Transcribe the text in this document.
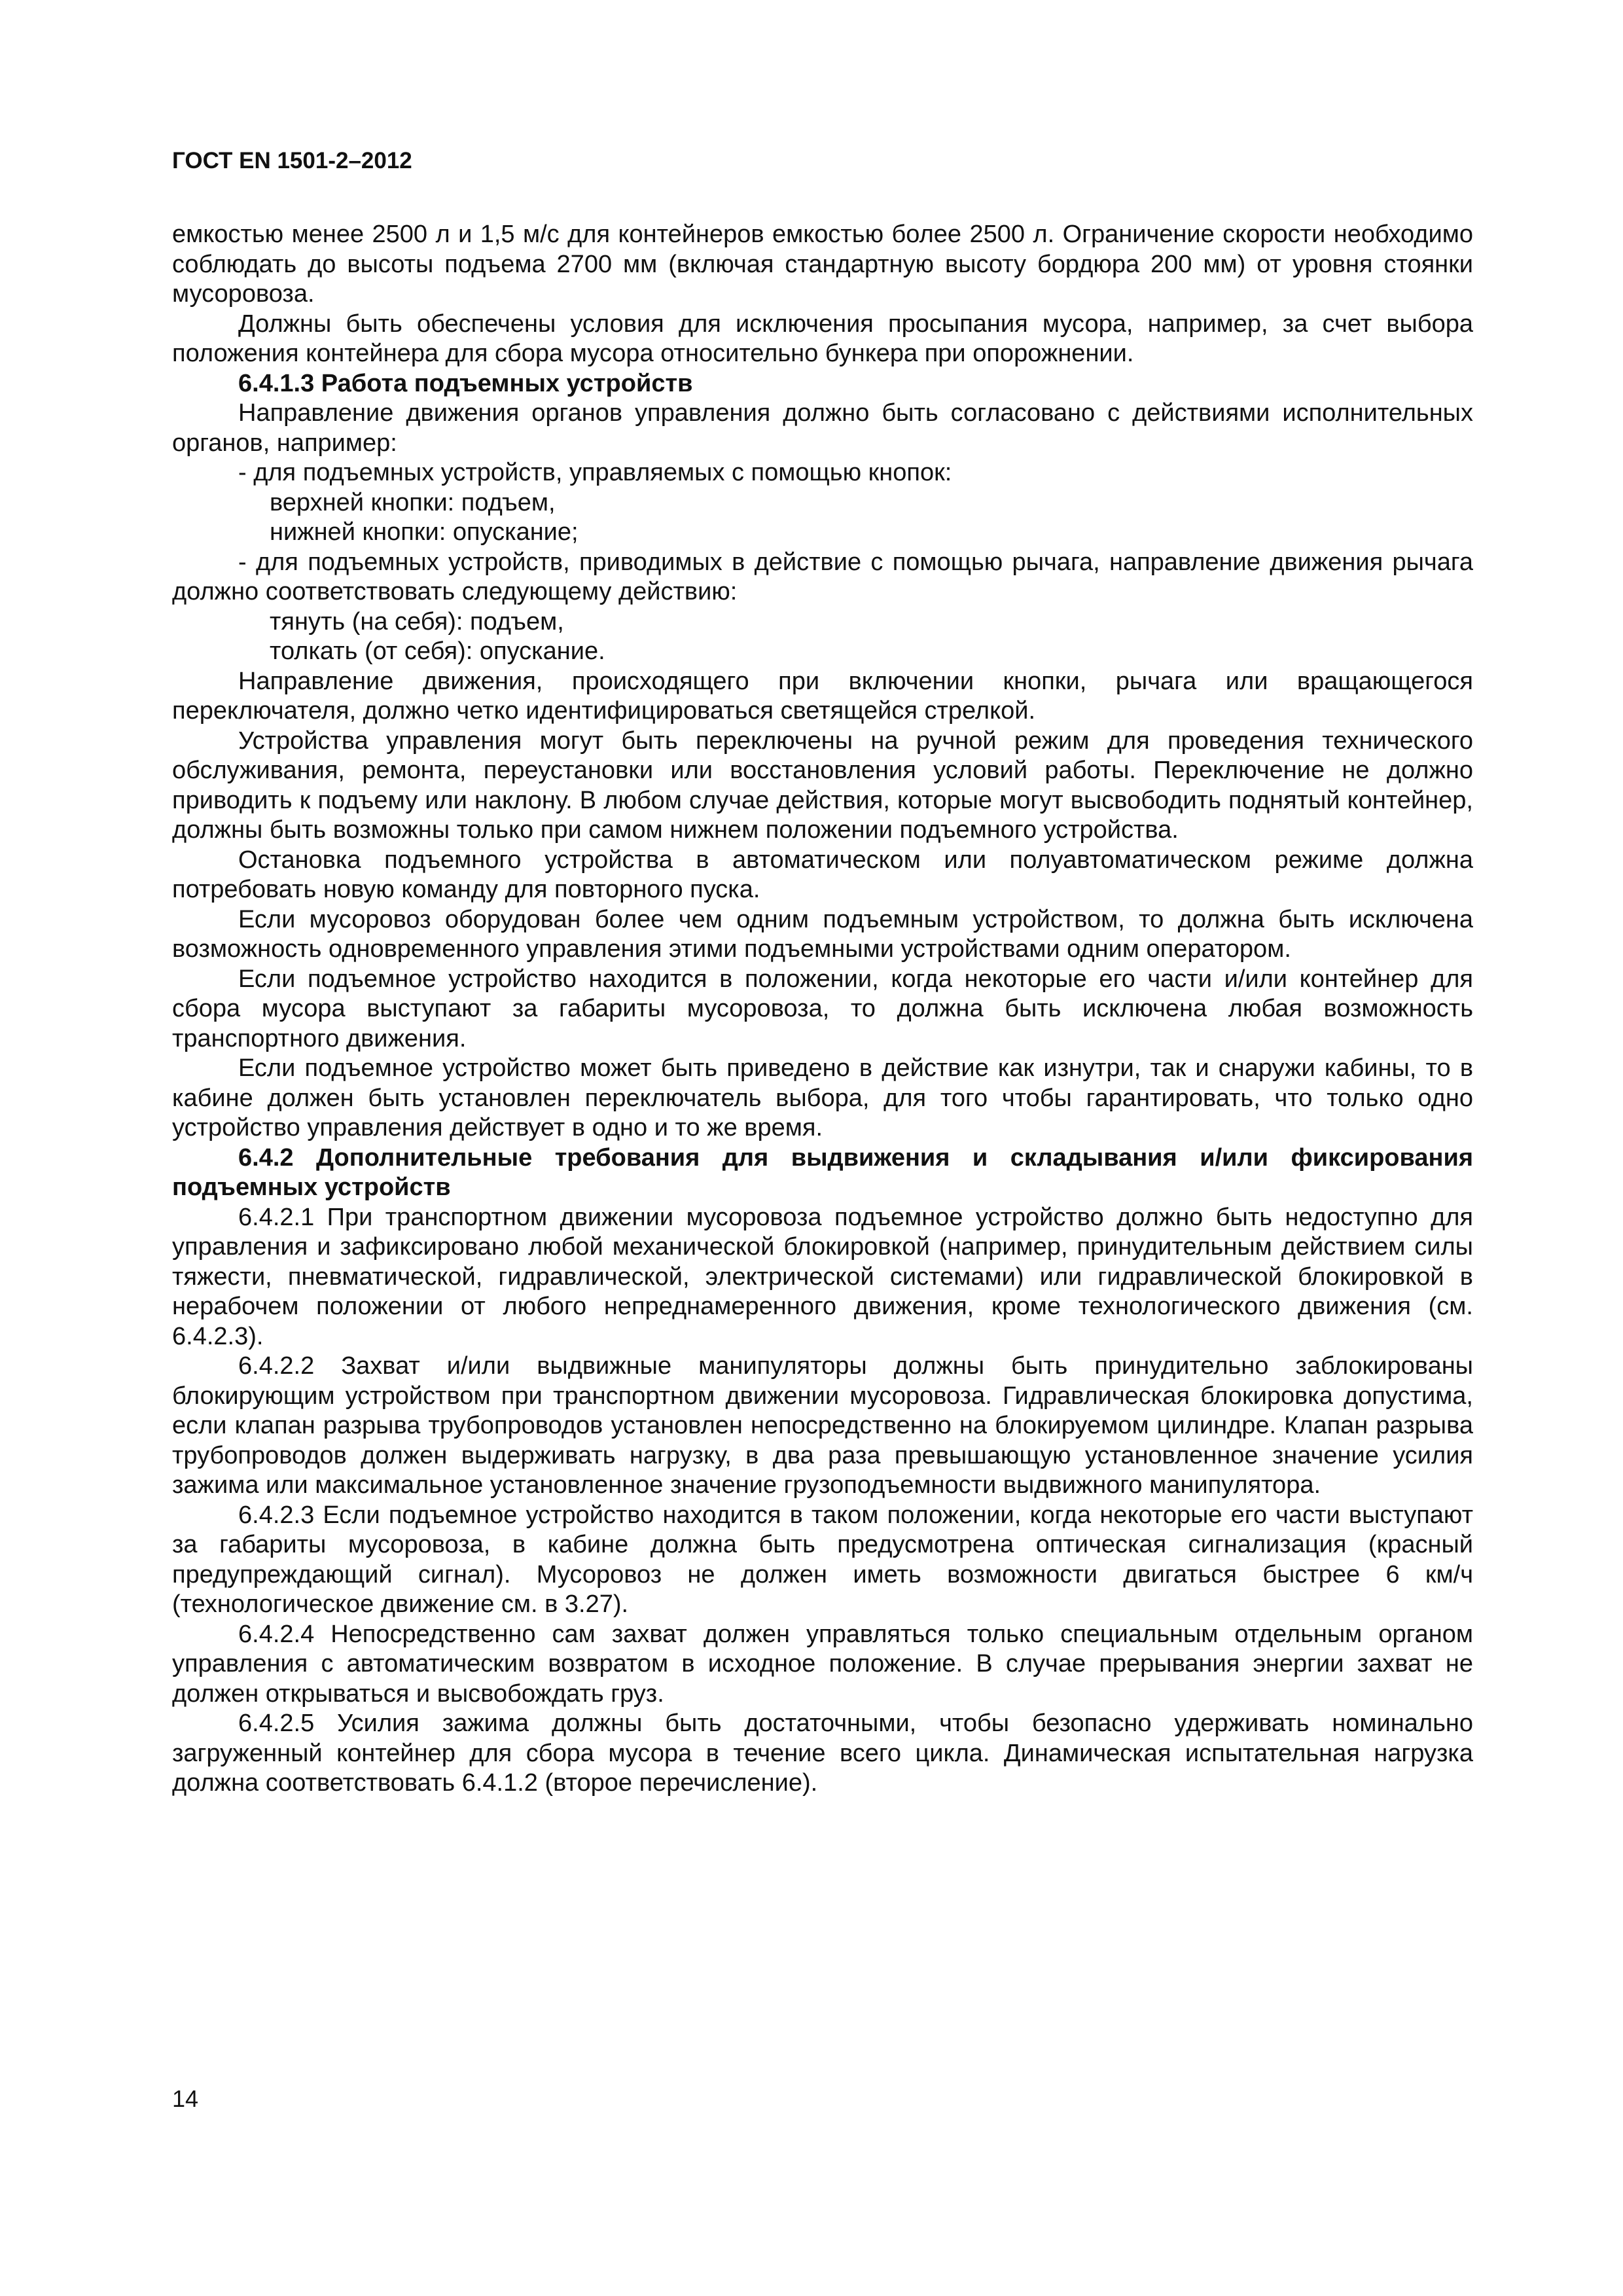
ГОСТ EN 1501-2–2012

емкостью менее 2500 л и 1,5 м/с для контейнеров емкостью более 2500 л. Ограничение скорости необходимо соблюдать до высоты подъема 2700 мм (включая стандартную высоту бордюра 200 мм) от уровня стоянки мусоровоза.

Должны быть обеспечены условия для исключения просыпания мусора, например, за счет выбора положения контейнера для сбора мусора относительно бункера при опорожнении.

6.4.1.3 Работа подъемных устройств

Направление движения органов управления должно быть согласовано с действиями исполнительных органов, например:

- для подъемных устройств, управляемых с помощью кнопок:

верхней кнопки: подъем,

нижней кнопки: опускание;

- для подъемных устройств, приводимых в действие с помощью рычага, направление движения рычага должно соответствовать следующему действию:

тянуть (на себя): подъем,

толкать (от себя): опускание.

Направление движения, происходящего при включении кнопки, рычага или вращающегося переключателя, должно четко идентифицироваться светящейся стрелкой.

Устройства управления могут быть переключены на ручной режим для проведения технического обслуживания, ремонта, переустановки или восстановления условий работы. Переключение не должно приводить к подъему или наклону. В любом случае действия, которые могут высвободить поднятый контейнер, должны быть возможны только при самом нижнем положении подъемного устройства.

Остановка подъемного устройства в автоматическом или полуавтоматическом режиме должна потребовать новую команду для повторного пуска.

Если мусоровоз оборудован более чем одним подъемным устройством, то должна быть исключена возможность одновременного управления этими подъемными устройствами одним оператором.

Если подъемное устройство находится в положении, когда некоторые его части и/или контейнер для сбора мусора выступают за габариты мусоровоза, то должна быть исключена любая возможность транспортного движения.

Если подъемное устройство может быть приведено в действие как изнутри, так и снаружи кабины, то в кабине должен быть установлен переключатель выбора, для того чтобы гарантировать, что только одно устройство управления действует в одно и то же время.

6.4.2 Дополнительные требования для выдвижения и складывания и/или фиксирования подъемных устройств

6.4.2.1 При транспортном движении мусоровоза подъемное устройство должно быть недоступно для управления и зафиксировано любой механической блокировкой (например, принудительным действием силы тяжести, пневматической, гидравлической, электрической системами) или гидравлической блокировкой в нерабочем положении от любого непреднамеренного движения, кроме технологического движения (см. 6.4.2.3).

6.4.2.2 Захват и/или выдвижные манипуляторы должны быть принудительно заблокированы блокирующим устройством при транспортном движении мусоровоза. Гидравлическая блокировка допустима, если клапан разрыва трубопроводов установлен непосредственно на блокируемом цилиндре. Клапан разрыва трубопроводов должен выдерживать нагрузку, в два раза превышающую установленное значение усилия зажима или максимальное установленное значение грузоподъемности выдвижного манипулятора.

6.4.2.3 Если подъемное устройство находится в таком положении, когда некоторые его части выступают за габариты мусоровоза, в кабине должна быть предусмотрена оптическая сигнализация (красный предупреждающий сигнал). Мусоровоз не должен иметь возможности двигаться быстрее 6 км/ч (технологическое движение см. в 3.27).

6.4.2.4 Непосредственно сам захват должен управляться только специальным отдельным органом управления с автоматическим возвратом в исходное положение. В случае прерывания энергии захват не должен открываться и высвобождать груз.

6.4.2.5 Усилия зажима должны быть достаточными, чтобы безопасно удерживать номинально загруженный контейнер для сбора мусора в течение всего цикла. Динамическая испытательная нагрузка должна соответствовать 6.4.1.2 (второе перечисление).

14
